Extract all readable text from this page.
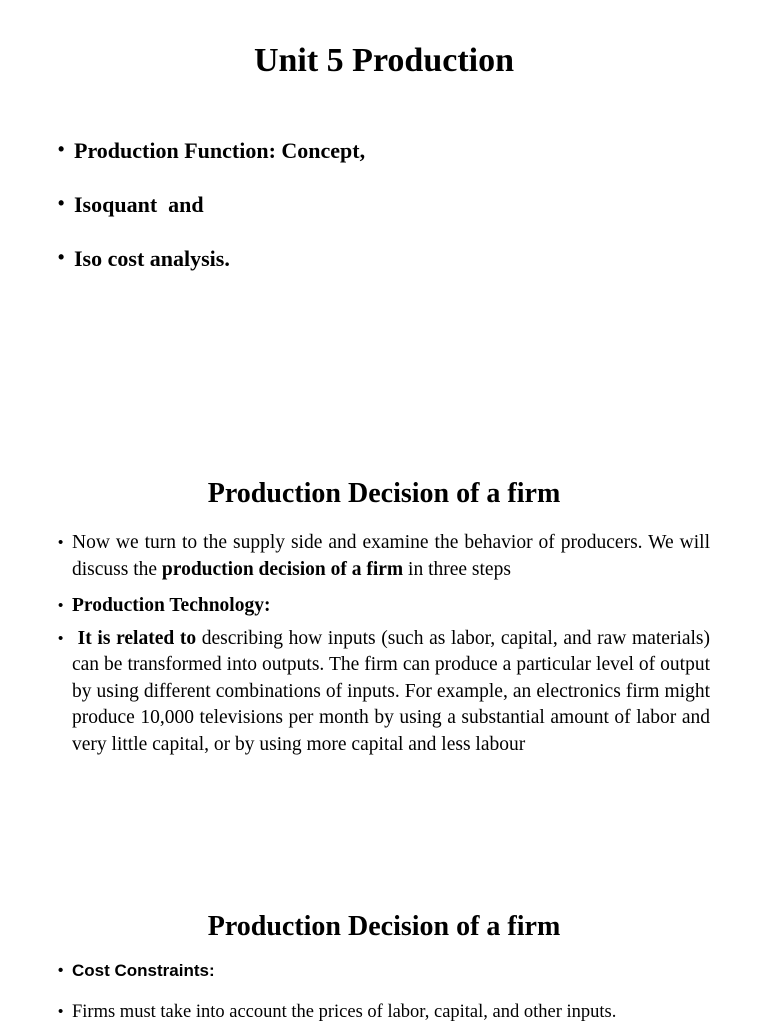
Unit 5 Production
• Production Function: Concept,
• Isoquant  and
• Iso cost analysis.
Production Decision of a firm
• Now we turn to the supply side and examine the behavior of producers. We will discuss the production decision of a firm in three steps
• Production Technology:
• It is related to describing how inputs (such as labor, capital, and raw materials) can be transformed into outputs. The firm can produce a particular level of output by using different combinations of inputs. For example, an electronics firm might produce 10,000 televisions per month by using a substantial amount of labor and very little capital, or by using more capital and less labour
Production Decision of a firm
• Cost Constraints:
• Firms must take into account the prices of labor, capital, and other inputs.
